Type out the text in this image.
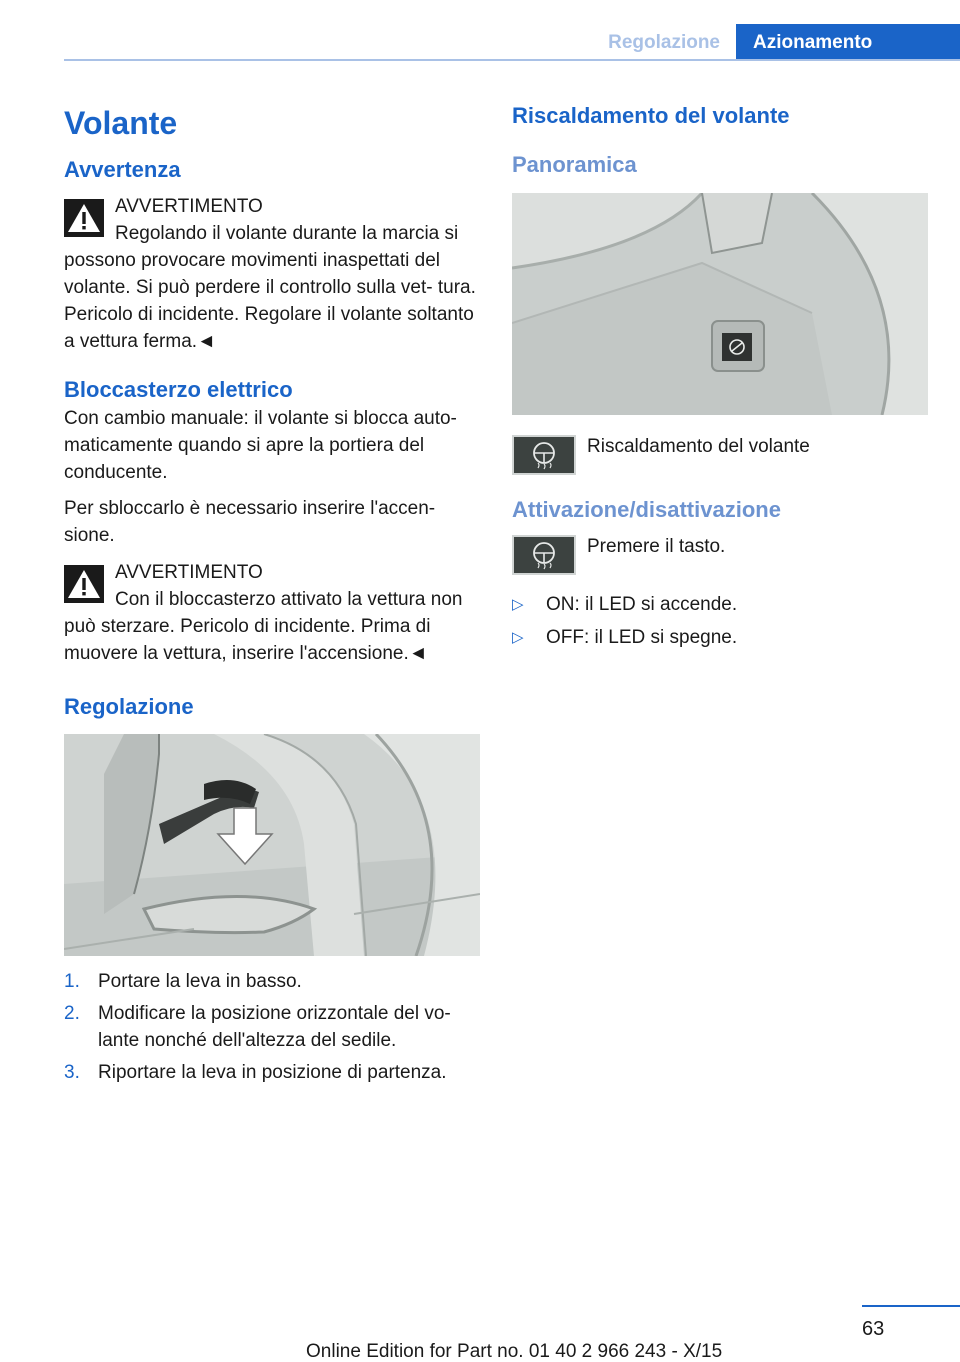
Regolazione	Azionamento
Volante
Avvertenza
AVVERTIMENTO
Regolando il volante durante la marcia si
possono provocare movimenti inaspettati del volante. Si può perdere il controllo sulla vet‐ tura. Pericolo di incidente. Regolare il volante soltanto a vettura ferma.◄
Bloccasterzo elettrico
Con cambio manuale: il volante si blocca auto‐ maticamente quando si apre la portiera del conducente.
Per sbloccarlo è necessario inserire l'accen‐ sione.
AVVERTIMENTO
Con il bloccasterzo attivato la vettura non
può sterzare. Pericolo di incidente. Prima di muovere la vettura, inserire l'accensione.◄
Regolazione
1. Portare la leva in basso.
2. Modificare la posizione orizzontale del vo‐ lante nonché dell'altezza del sedile.
3. Riportare la leva in posizione di partenza.
Riscaldamento del volante
Panoramica
Riscaldamento del volante
Attivazione/disattivazione
Premere il tasto.
▷ ON: il LED si accende.
▷ OFF: il LED si spegne.
63
Online Edition for Part no. 01 40 2 966 243 - X/15
